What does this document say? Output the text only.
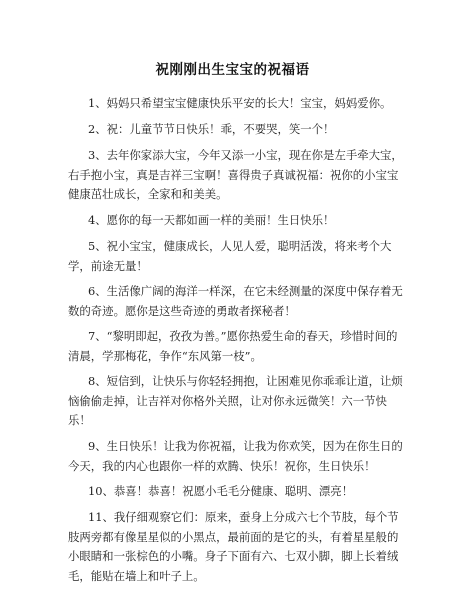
祝刚刚出生宝宝的祝福语

1、妈妈只希望宝宝健康快乐平安的长大！宝宝，妈妈爱你。

2、祝：儿童节节日快乐！乖，不要哭，笑一个！

3、去年你家添大宝，今年又添一小宝，现在你是左手牵大宝，右手抱小宝，真是吉祥三宝啊！喜得贵子真诚祝福：祝你的小宝宝健康茁壮成长，全家和和美美。

4、愿你的每一天都如画一样的美丽！生日快乐！

5、祝小宝宝，健康成长，人见人爱，聪明活泼，将来考个大学，前途无量！

6、生活像广阔的海洋一样深，在它未经测量的深度中保存着无数的奇迹。愿你是这些奇迹的勇敢者探秘者！

7、“黎明即起，孜孜为善。”愿你热爱生命的春天，珍惜时间的清晨，学那梅花，争作“东风第一枝”。

8、短信到，让快乐与你轻轻拥抱，让困难见你乖乖让道，让烦恼偷偷走掉，让吉祥对你格外关照，让对你永远微笑！六一节快乐！

9、生日快乐！让我为你祝福，让我为你欢笑，因为在你生日的今天，我的内心也跟你一样的欢腾、快乐！祝你，生日快乐！

10、恭喜！恭喜！祝愿小毛毛分健康、聪明、漂亮！

11、我仔细观察它们：原来，蚕身上分成六七个节肢，每个节肢两旁都有像星星似的小黑点，最前面的是它的头，有着星星般的小眼睛和一张棕色的小嘴。身子下面有六、七双小脚，脚上长着绒毛，能贴在墙上和叶子上。
